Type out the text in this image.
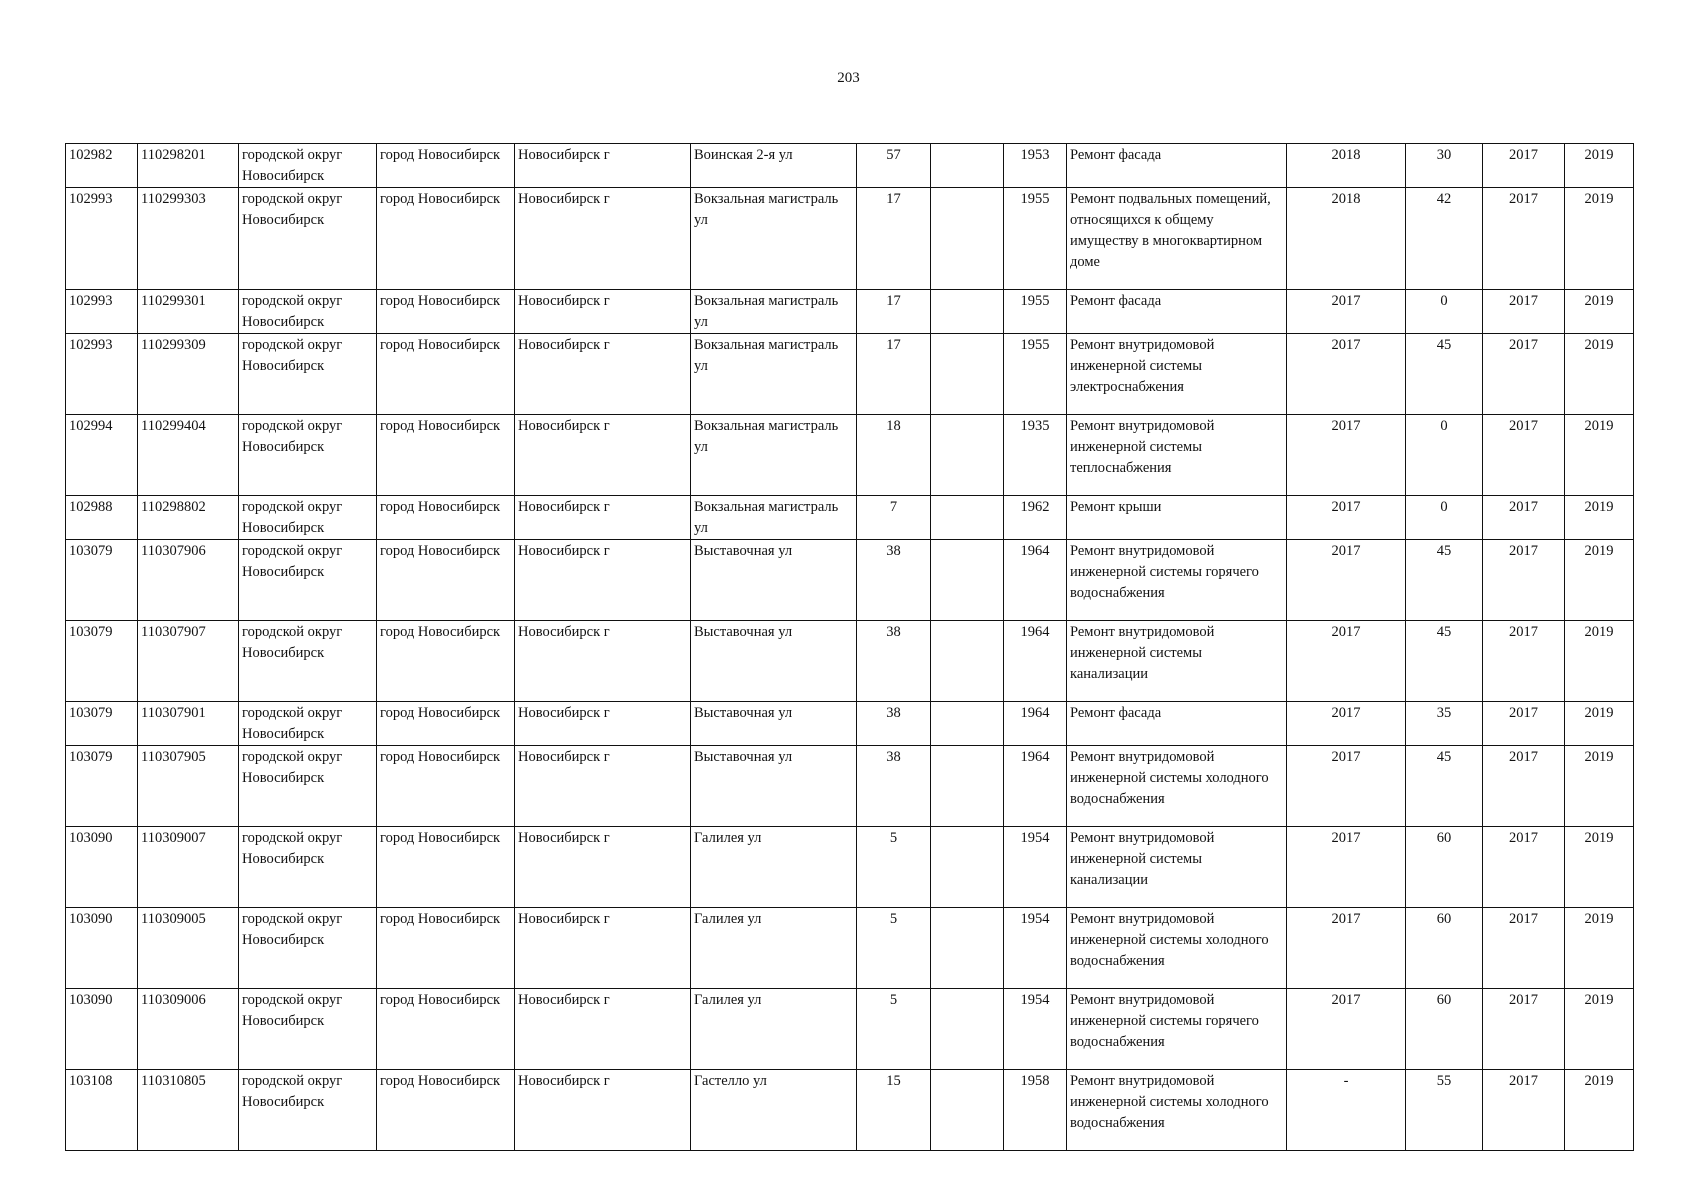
203
102982	110298201	городской округ Новосибирск	город Новосибирск	Новосибирск г	Воинская 2-я ул	57		1953	Ремонт фасада	2018	30	2017	2019
102993	110299303	городской округ Новосибирск	город Новосибирск	Новосибирск г	Вокзальная магистраль ул	17		1955	Ремонт подвальных помещений, относящихся к общему имуществу в многоквартирном доме	2018	42	2017	2019
102993	110299301	городской округ Новосибирск	город Новосибирск	Новосибирск г	Вокзальная магистраль ул	17		1955	Ремонт фасада	2017	0	2017	2019
102993	110299309	городской округ Новосибирск	город Новосибирск	Новосибирск г	Вокзальная магистраль ул	17		1955	Ремонт внутридомовой инженерной системы электроснабжения	2017	45	2017	2019
102994	110299404	городской округ Новосибирск	город Новосибирск	Новосибирск г	Вокзальная магистраль ул	18		1935	Ремонт внутридомовой инженерной системы теплоснабжения	2017	0	2017	2019
102988	110298802	городской округ Новосибирск	город Новосибирск	Новосибирск г	Вокзальная магистраль ул	7		1962	Ремонт крыши	2017	0	2017	2019
103079	110307906	городской округ Новосибирск	город Новосибирск	Новосибирск г	Выставочная ул	38		1964	Ремонт внутридомовой инженерной системы горячего водоснабжения	2017	45	2017	2019
103079	110307907	городской округ Новосибирск	город Новосибирск	Новосибирск г	Выставочная ул	38		1964	Ремонт внутридомовой инженерной системы канализации	2017	45	2017	2019
103079	110307901	городской округ Новосибирск	город Новосибирск	Новосибирск г	Выставочная ул	38		1964	Ремонт фасада	2017	35	2017	2019
103079	110307905	городской округ Новосибирск	город Новосибирск	Новосибирск г	Выставочная ул	38		1964	Ремонт внутридомовой инженерной системы холодного водоснабжения	2017	45	2017	2019
103090	110309007	городской округ Новосибирск	город Новосибирск	Новосибирск г	Галилея ул	5		1954	Ремонт внутридомовой инженерной системы канализации	2017	60	2017	2019
103090	110309005	городской округ Новосибирск	город Новосибирск	Новосибирск г	Галилея ул	5		1954	Ремонт внутридомовой инженерной системы холодного водоснабжения	2017	60	2017	2019
103090	110309006	городской округ Новосибирск	город Новосибирск	Новосибирск г	Галилея ул	5		1954	Ремонт внутридомовой инженерной системы горячего водоснабжения	2017	60	2017	2019
103108	110310805	городской округ Новосибирск	город Новосибирск	Новосибирск г	Гастелло ул	15		1958	Ремонт внутридомовой инженерной системы холодного водоснабжения	-	55	2017	2019
